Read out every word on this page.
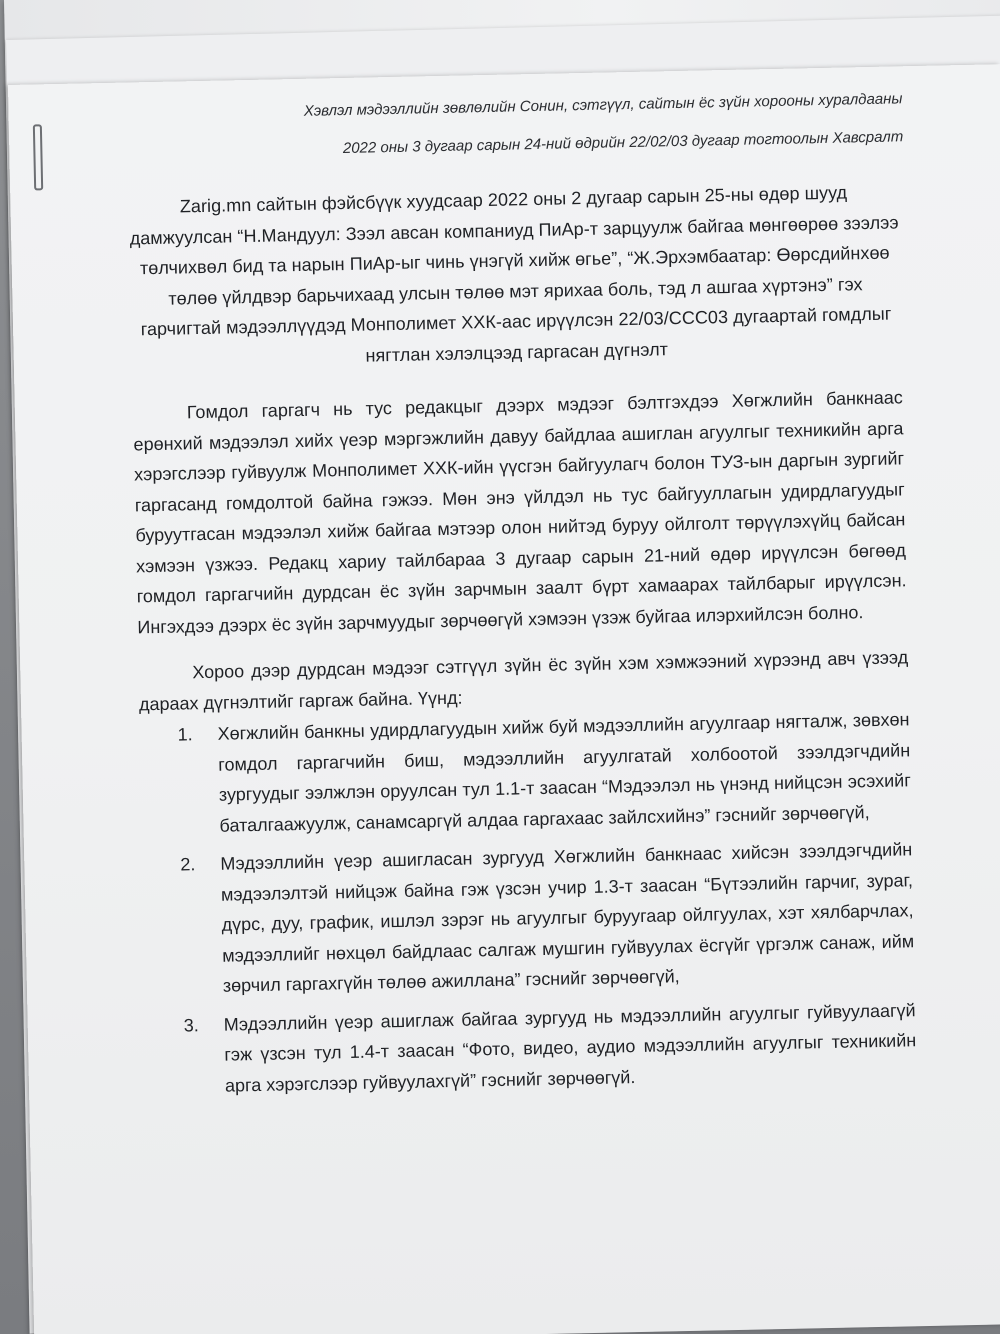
Хэвлэл мэдээллийн зөвлөлийн Сонин, сэтгүүл, сайтын ёс зүйн хорооны хуралдааны
2022 оны 3 дугаар сарын 24-ний өдрийн 22/02/03 дугаар тогтоолын Хавсралт
Zarig.mn сайтын фэйсбүүк хуудсаар 2022 оны 2 дугаар сарын 25-ны өдөр шууд дамжуулсан “Н.Мандуул: Зээл авсан компаниуд ПиАр-т зарцуулж байгаа мөнгөөрөө зээлээ төлчихвөл бид та нарын ПиАр-ыг чинь үнэгүй хийж өгье”, “Ж.Эрхэмбаатар: Өөрсдийнхөө төлөө үйлдвэр барьчихаад улсын төлөө мэт ярихаа боль, тэд л ашгаа хүртэнэ” гэх гарчигтай мэдээллүүдэд Монполимет ХХК-аас ирүүлсэн 22/03/CCC03 дугаартай гомдлыг нягтлан хэлэлцээд гаргасан дүгнэлт
Гомдол гаргагч нь тус редакцыг дээрх мэдээг бэлтгэхдээ Хөгжлийн банкнаас ерөнхий мэдээлэл хийх үеэр мэргэжлийн давуу байдлаа ашиглан агуулгыг техникийн арга хэрэгслээр гуйвуулж Монполимет ХХК-ийн үүсгэн байгуулагч болон ТУЗ-ын даргын зургийг гаргасанд гомдолтой байна гэжээ. Мөн энэ үйлдэл нь тус байгууллагын удирдлагуудыг буруутгасан мэдээлэл хийж байгаа мэтээр олон нийтэд буруу ойлголт төрүүлэхүйц байсан хэмээн үзжээ. Редакц хариу тайлбараа 3 дугаар сарын 21-ний өдөр ирүүлсэн бөгөөд гомдол гаргагчийн дурдсан ёс зүйн зарчмын заалт бүрт хамаарах тайлбарыг ирүүлсэн. Ингэхдээ дээрх ёс зүйн зарчмуудыг зөрчөөгүй хэмээн үзэж буйгаа илэрхийлсэн болно.
Хороо дээр дурдсан мэдээг сэтгүүл зүйн ёс зүйн хэм хэмжээний хүрээнд авч үзээд дараах дүгнэлтийг гаргаж байна. Үүнд:
1. Хөгжлийн банкны удирдлагуудын хийж буй мэдээллийн агуулгаар нягталж, зөвхөн гомдол гаргагчийн биш, мэдээллийн агуулгатай холбоотой зээлдэгчдийн зургуудыг ээлжлэн оруулсан тул 1.1-т заасан “Мэдээлэл нь үнэнд нийцсэн эсэхийг баталгаажуулж, санамсаргүй алдаа гаргахаас зайлсхийнэ” гэснийг зөрчөөгүй,
2. Мэдээллийн үеэр ашигласан зургууд Хөгжлийн банкнаас хийсэн зээлдэгчдийн мэдээлэлтэй нийцэж байна гэж үзсэн учир 1.3-т заасан “Бүтээлийн гарчиг, зураг, дүрс, дуу, график, ишлэл зэрэг нь агуулгыг буруугаар ойлгуулах, хэт хялбарчлах, мэдээллийг нөхцөл байдлаас салгаж мушгин гуйвуулах ёсгүйг үргэлж санаж, ийм зөрчил гаргахгүйн төлөө ажиллана” гэснийг зөрчөөгүй,
3. Мэдээллийн үеэр ашиглаж байгаа зургууд нь мэдээллийн агуулгыг гуйвуулаагүй гэж үзсэн тул 1.4-т заасан “Фото, видео, аудио мэдээллийн агуулгыг техникийн арга хэрэгслээр гуйвуулахгүй” гэснийг зөрчөөгүй.
